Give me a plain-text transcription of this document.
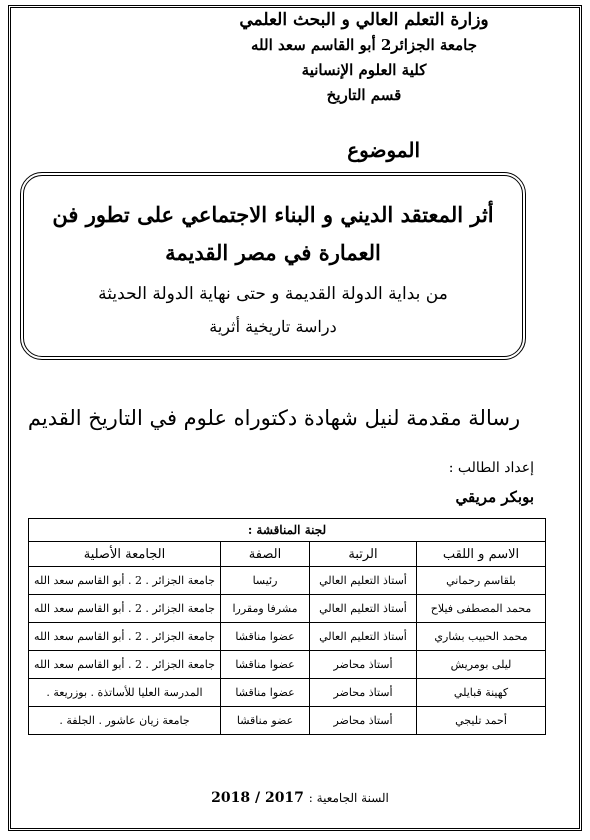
وزارة التعلم العالي و البحث العلمي
جامعة الجزائر2 أبو القاسم سعد الله
كلية العلوم الإنسانية
قسم التاريخ
الموضوع
أثر المعتقد الديني و البناء الاجتماعي على تطور فن
العمارة في مصر القديمة
من بداية الدولة القديمة و حتى نهاية الدولة الحديثة
دراسة تاريخية أثرية
رسالة مقدمة لنيل شهادة دكتوراه علوم في التاريخ القديم
إعداد الطالب :
بوبكر مريقي
لجنة المناقشة :			
الاسم و اللقب	الرتبة	الصفة	الجامعة الأصلية
بلقاسم رحماني	أستاذ التعليم العالي	رئيسا	جامعة الجزائر . 2 . أبو القاسم سعد الله
محمد المصطفى فيلاح	أستاذ التعليم العالي	مشرفا ومقررا	جامعة الجزائر . 2 . أبو القاسم سعد الله
محمد الحبيب بشاري	أستاذ التعليم العالي	عضوا مناقشا	جامعة الجزائر . 2 . أبو القاسم سعد الله
ليلى بومريش	أستاذ محاضر	عضوا مناقشا	جامعة الجزائر . 2 . أبو القاسم سعد الله
كهينة قبايلي	أستاذ محاضر	عضوا مناقشا	المدرسة العليا للأساتذة . بوزريعة .
أحمد تليجي	أستاذ محاضر	عضو مناقشا	جامعة زيان عاشور . الجلفة .
السنة الجامعية : 2017 / 2018
